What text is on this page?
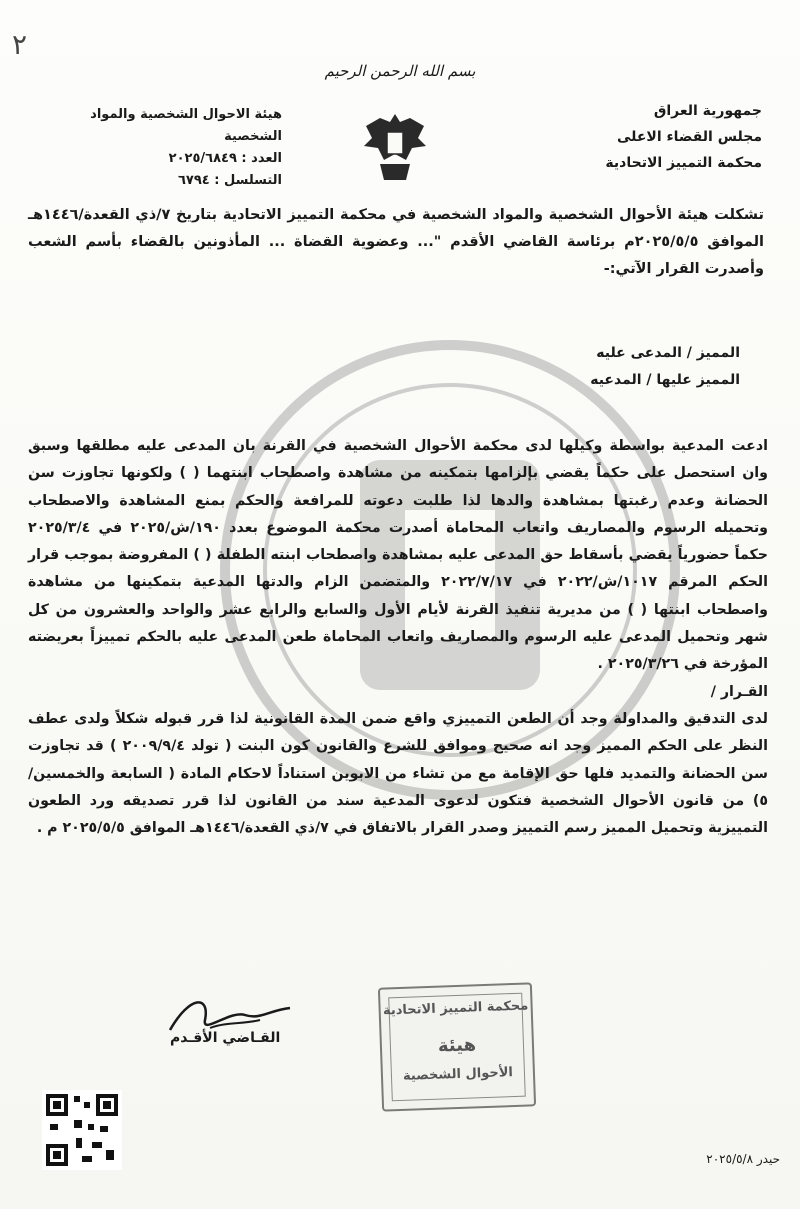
٢
بسم الله الرحمن الرحيم
جمهورية العراق
مجلس القضاء الاعلى
محكمة التمييز الاتحادية
هيئة الاحوال الشخصية والمواد الشخصية
العدد : ٢٠٢٥/٦٨٤٩
التسلسل : ٦٧٩٤
تشكلت هيئة الأحوال الشخصية والمواد الشخصية في محكمة التمييز الاتحادية بتاريخ ٧/ذي القعدة/١٤٤٦هـ الموافق ٢٠٢٥/٥/٥م برئاسة القاضي الأقدم "... وعضوية القضاة ... المأذونين بالقضاء بأسم الشعب وأصدرت القرار الآتي:-
المميز / المدعى عليه
المميز عليها / المدعيه

ادعت المدعية بواسطة وكيلها لدى محكمة الأحوال الشخصية في القرنة بان المدعى عليه مطلقها وسبق وان استحصل على حكماً يقضي بإلزامها بتمكينه من مشاهدة واصطحاب ابنتهما ( ) ولكونها تجاوزت سن الحضانة وعدم رغبتها بمشاهدة والدها لذا طلبت دعوته للمرافعة والحكم بمنع المشاهدة والاصطحاب وتحميله الرسوم والمصاريف واتعاب المحاماة أصدرت محكمة الموضوع بعدد ١٩٠/ش/٢٠٢٥ في ٢٠٢٥/٣/٤ حكماً حضورياً يقضي بأسقاط حق المدعى عليه بمشاهدة واصطحاب ابنته الطفلة ( ) المفروضة بموجب قرار الحكم المرقم ١٠١٧/ش/٢٠٢٢ في ٢٠٢٢/٧/١٧ والمتضمن الزام والدتها المدعية بتمكينها من مشاهدة واصطحاب ابنتها ( ) من مديرية تنفيذ القرنة لأيام الأول والسابع والرابع عشر والواحد والعشرون من كل شهر وتحميل المدعى عليه الرسوم والمصاريف واتعاب المحاماة طعن المدعى عليه بالحكم تمييزاً بعريضته المؤرخة في ٢٠٢٥/٣/٢٦ .

القـرار /

لدى التدقيق والمداولة وجد أن الطعن التمييزي واقع ضمن المدة القانونية لذا قرر قبوله شكلاً ولدى عطف النظر على الحكم المميز وجد انه صحيح وموافق للشرع والقانون كون البنت ( تولد ٢٠٠٩/٩/٤ ) قد تجاوزت سن الحضانة والتمديد فلها حق الإقامة مع من تشاء من الابوين استناداً لاحكام المادة ( السابعة والخمسين/٥) من قانون الأحوال الشخصية فتكون لدعوى المدعية سند من القانون لذا قرر تصديقه ورد الطعون التمييزية وتحميل المميز رسم التمييز وصدر القرار بالاتفاق في ٧/ذي القعدة/١٤٤٦هـ الموافق ٢٠٢٥/٥/٥ م .

محكمة التمييز الاتحادية
هيئة
الأحوال الشخصية
القـاضي الأقـدم
حيدر ٢٠٢٥/٥/٨
